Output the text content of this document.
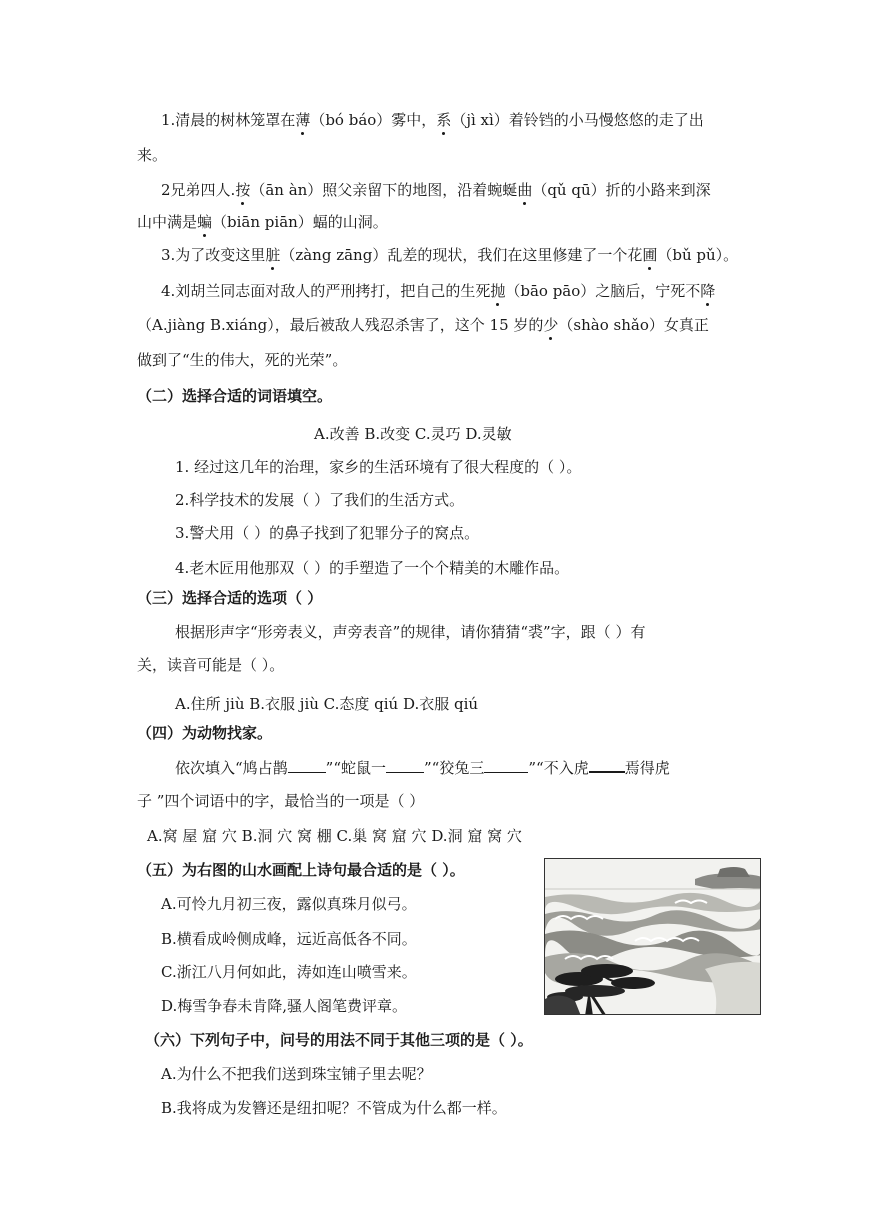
1.清晨的树林笼罩在薄（bó báo）雾中，系（jì xì）着铃铛的小马慢悠悠的走了出
来。
2兄弟四人.按（ān àn）照父亲留下的地图，沿着蜿蜒曲（qǔ qū）折的小路来到深
山中满是蝙（biān piān）蝠的山洞。
3.为了改变这里脏（zàng zāng）乱差的现状，我们在这里修建了一个花圃（bǔ pǔ）。
4.刘胡兰同志面对敌人的严刑拷打，把自己的生死抛（bāo pāo）之脑后，宁死不降
（A.jiàng B.xiáng），最后被敌人残忍杀害了，这个 15 岁的少（shào shǎo）女真正
做到了“生的伟大，死的光荣”。
（二）选择合适的词语填空。
A.改善 B.改变 C.灵巧 D.灵敏
1. 经过这几年的治理，家乡的生活环境有了很大程度的（ ）。
2.科学技术的发展（ ）了我们的生活方式。
3.警犬用（ ）的鼻子找到了犯罪分子的窝点。
4.老木匠用他那双（ ）的手塑造了一个个精美的木雕作品。
（三）选择合适的选项（ ）
根据形声字“形旁表义，声旁表音”的规律，请你猜猜“裘”字，跟（ ）有
关，读音可能是（ ）。
A.住所 jiù B.衣服 jiù C.态度 qiú D.衣服 qiú
（四）为动物找家。
依次填入“鸠占鹊	”“蛇鼠一	”“狡兔三	”“不入虎 焉得虎
子 ”四个词语中的字，最恰当的一项是（ ）
A.窝 屋 窟 穴 B.洞 穴 窝 棚 C.巢 窝 窟 穴 D.洞 窟 窝 穴
（五）为右图的山水画配上诗句最合适的是（ ）。
A.可怜九月初三夜，露似真珠月似弓。
B.横看成岭侧成峰，远近高低各不同。
C.浙江八月何如此，涛如连山喷雪来。
D.梅雪争春未肯降,骚人阁笔费评章。
（六）下列句子中，问号的用法不同于其他三项的是（ ）。
A.为什么不把我们送到珠宝铺子里去呢？
B.我将成为发簪还是纽扣呢？不管成为什么都一样。
